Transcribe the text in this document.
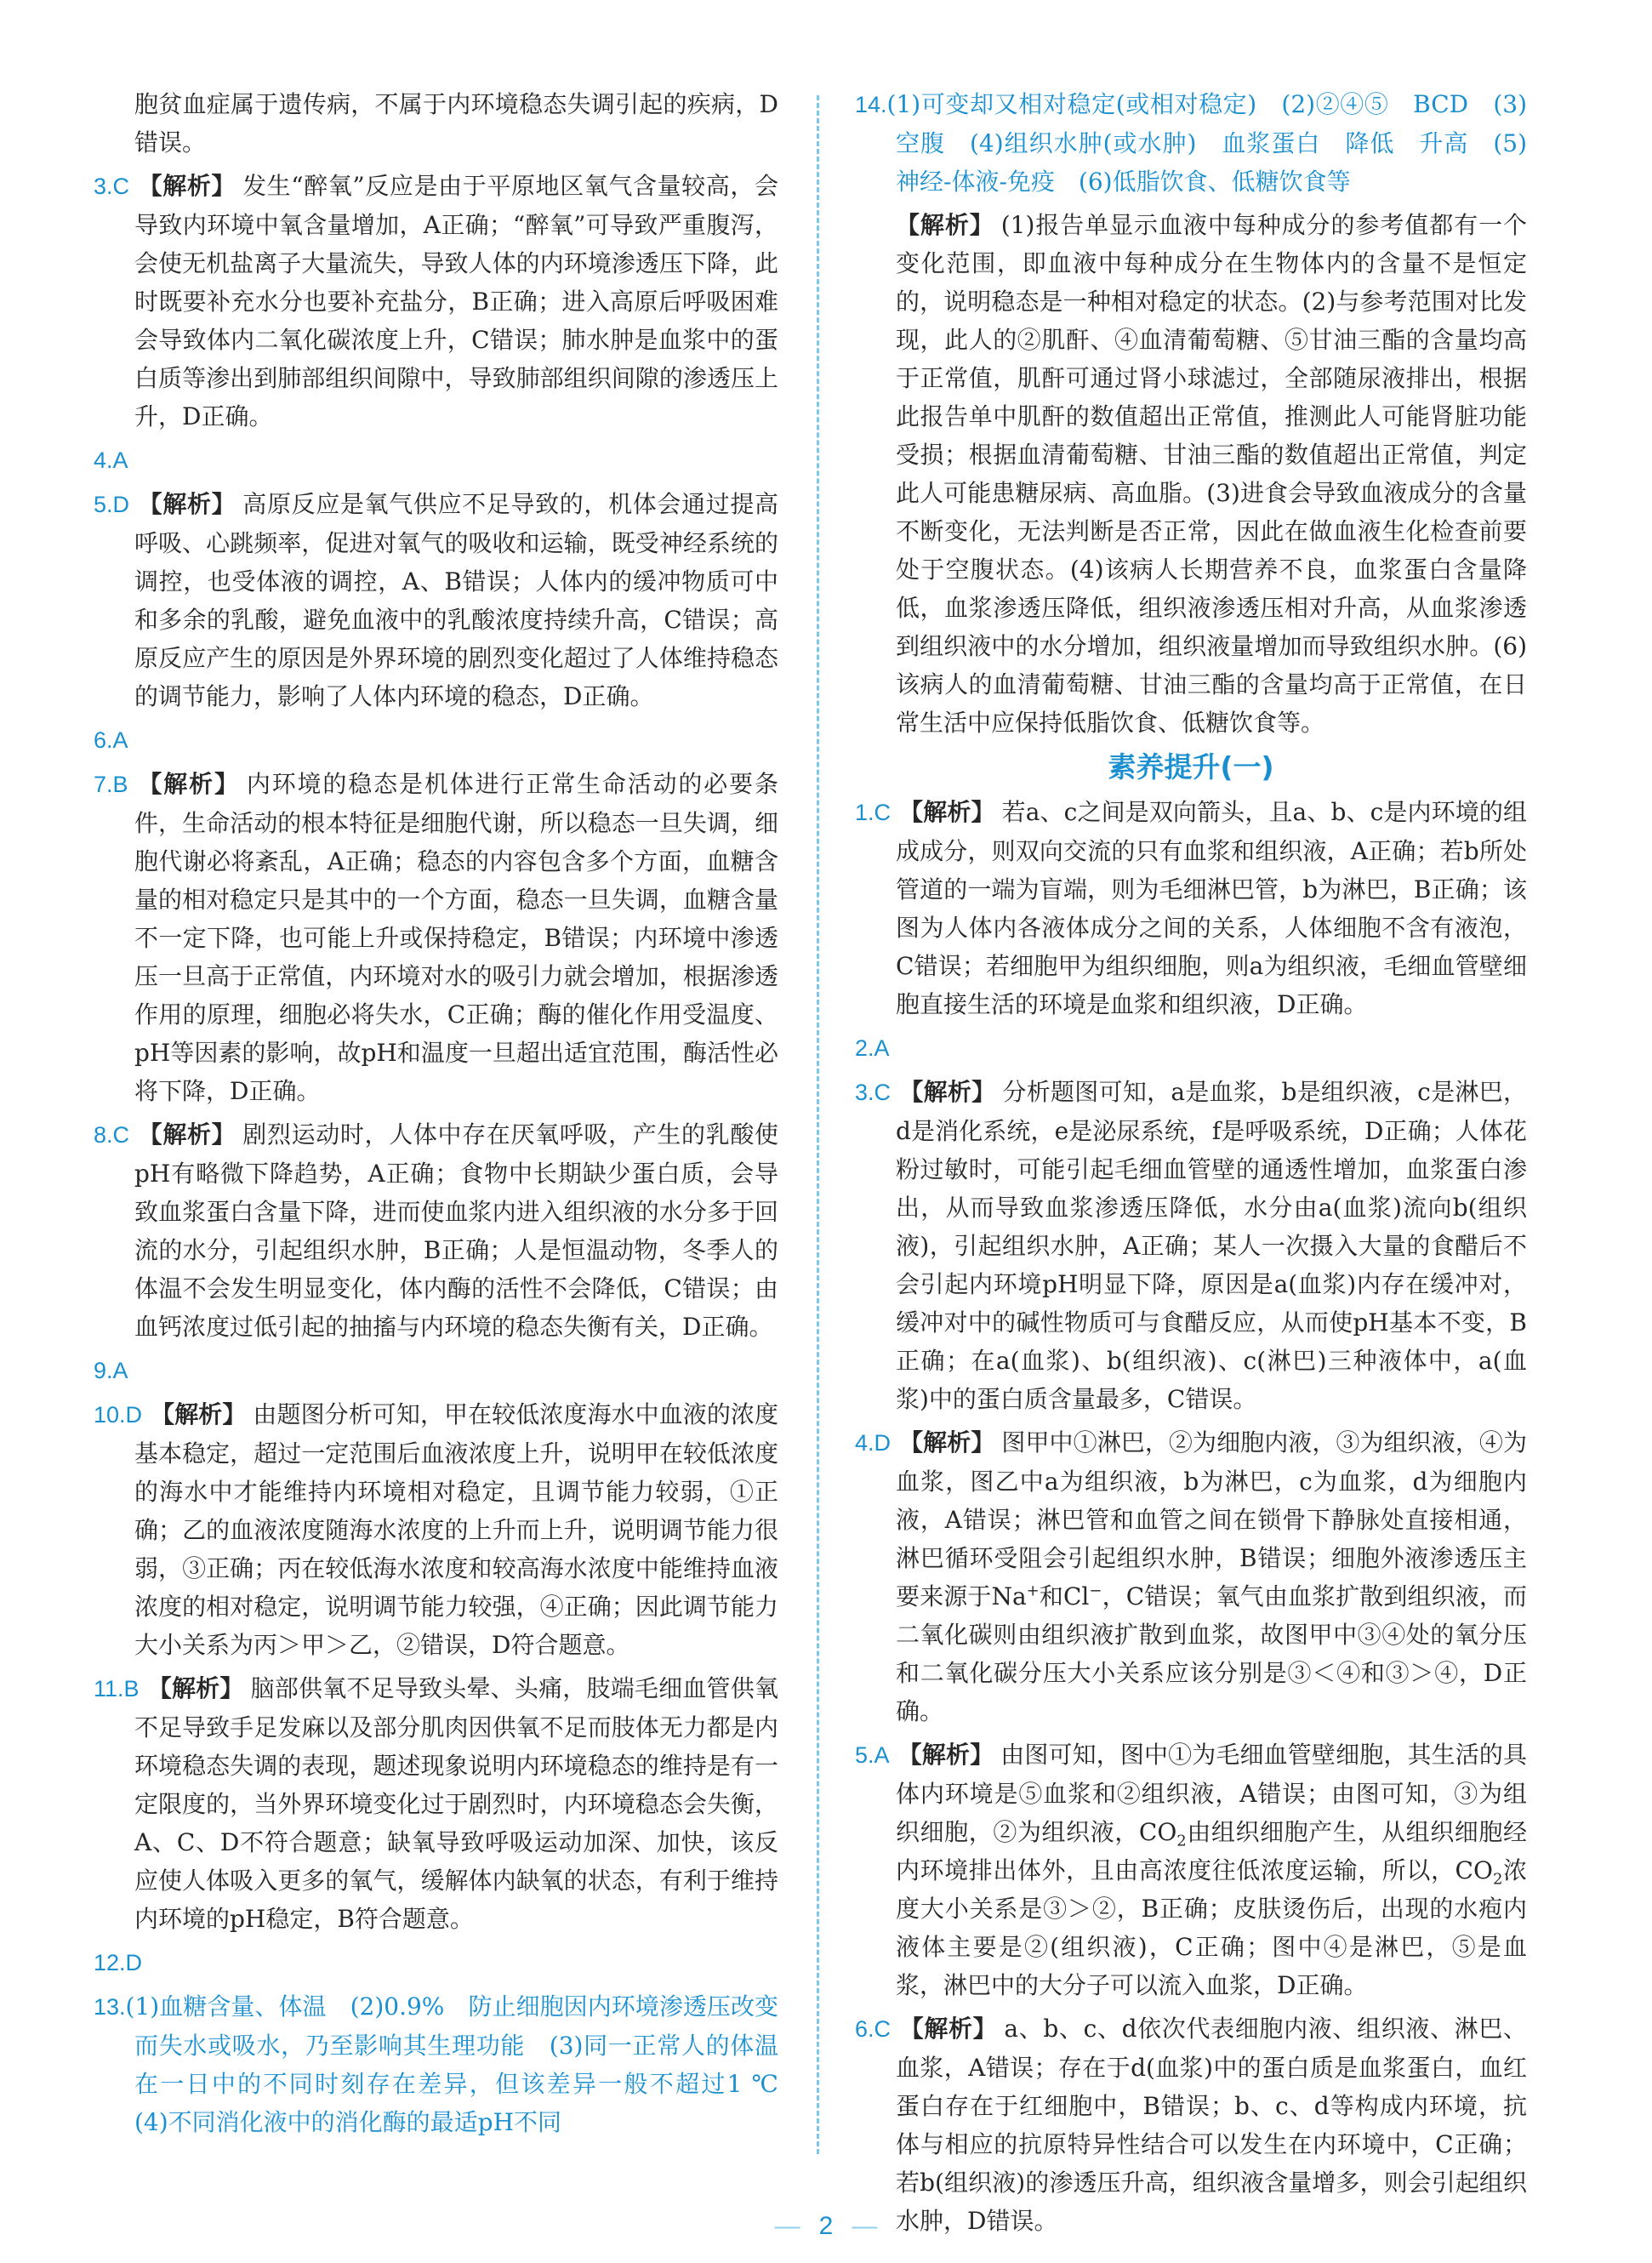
胞贫血症属于遗传病，不属于内环境稳态失调引起的疾病，D错误。

3.C 【解析】 发生“醉氧”反应是由于平原地区氧气含量较高，会导致内环境中氧含量增加，A正确；“醉氧”可导致严重腹泻，会使无机盐离子大量流失，导致人体的内环境渗透压下降，此时既要补充水分也要补充盐分，B正确；进入高原后呼吸困难会导致体内二氧化碳浓度上升，C错误；肺水肿是血浆中的蛋白质等渗出到肺部组织间隙中，导致肺部组织间隙的渗透压上升，D正确。

4.A

5.D 【解析】 高原反应是氧气供应不足导致的，机体会通过提高呼吸、心跳频率，促进对氧气的吸收和运输，既受神经系统的调控，也受体液的调控，A、B错误；人体内的缓冲物质可中和多余的乳酸，避免血液中的乳酸浓度持续升高，C错误；高原反应产生的原因是外界环境的剧烈变化超过了人体维持稳态的调节能力，影响了人体内环境的稳态，D正确。

6.A

7.B 【解析】 内环境的稳态是机体进行正常生命活动的必要条件，生命活动的根本特征是细胞代谢，所以稳态一旦失调，细胞代谢必将紊乱，A正确；稳态的内容包含多个方面，血糖含量的相对稳定只是其中的一个方面，稳态一旦失调，血糖含量不一定下降，也可能上升或保持稳定，B错误；内环境中渗透压一旦高于正常值，内环境对水的吸引力就会增加，根据渗透作用的原理，细胞必将失水，C正确；酶的催化作用受温度、pH等因素的影响，故pH和温度一旦超出适宜范围，酶活性必将下降，D正确。

8.C 【解析】 剧烈运动时，人体中存在厌氧呼吸，产生的乳酸使pH有略微下降趋势，A正确；食物中长期缺少蛋白质，会导致血浆蛋白含量下降，进而使血浆内进入组织液的水分多于回流的水分，引起组织水肿，B正确；人是恒温动物，冬季人的体温不会发生明显变化，体内酶的活性不会降低，C错误；由血钙浓度过低引起的抽搐与内环境的稳态失衡有关，D正确。

9.A

10.D 【解析】 由题图分析可知，甲在较低浓度海水中血液的浓度基本稳定，超过一定范围后血液浓度上升，说明甲在较低浓度的海水中才能维持内环境相对稳定，且调节能力较弱，①正确；乙的血液浓度随海水浓度的上升而上升，说明调节能力很弱，③正确；丙在较低海水浓度和较高海水浓度中能维持血液浓度的相对稳定，说明调节能力较强，④正确；因此调节能力大小关系为丙＞甲＞乙，②错误，D符合题意。

11.B 【解析】 脑部供氧不足导致头晕、头痛，肢端毛细血管供氧不足导致手足发麻以及部分肌肉因供氧不足而肢体无力都是内环境稳态失调的表现，题述现象说明内环境稳态的维持是有一定限度的，当外界环境变化过于剧烈时，内环境稳态会失衡，A、C、D不符合题意；缺氧导致呼吸运动加深、加快，该反应使人体吸入更多的氧气，缓解体内缺氧的状态，有利于维持内环境的pH稳定，B符合题意。

12.D

13.(1)血糖含量、体温　(2)0.9%　防止细胞因内环境渗透压改变而失水或吸水，乃至影响其生理功能　(3)同一正常人的体温在一日中的不同时刻存在差异，但该差异一般不超过1 ℃　(4)不同消化液中的消化酶的最适pH不同

14.(1)可变却又相对稳定(或相对稳定)　(2)②④⑤　BCD　(3)空腹　(4)组织水肿(或水肿)　血浆蛋白　降低　升高　(5)神经-体液-免疫　(6)低脂饮食、低糖饮食等

【解析】 (1)报告单显示血液中每种成分的参考值都有一个变化范围，即血液中每种成分在生物体内的含量不是恒定的，说明稳态是一种相对稳定的状态。(2)与参考范围对比发现，此人的②肌酐、④血清葡萄糖、⑤甘油三酯的含量均高于正常值，肌酐可通过肾小球滤过，全部随尿液排出，根据此报告单中肌酐的数值超出正常值，推测此人可能肾脏功能受损；根据血清葡萄糖、甘油三酯的数值超出正常值，判定此人可能患糖尿病、高血脂。(3)进食会导致血液成分的含量不断变化，无法判断是否正常，因此在做血液生化检查前要处于空腹状态。(4)该病人长期营养不良，血浆蛋白含量降低，血浆渗透压降低，组织液渗透压相对升高，从血浆渗透到组织液中的水分增加，组织液量增加而导致组织水肿。(6)该病人的血清葡萄糖、甘油三酯的含量均高于正常值，在日常生活中应保持低脂饮食、低糖饮食等。

素养提升(一)

1.C 【解析】 若a、c之间是双向箭头，且a、b、c是内环境的组成成分，则双向交流的只有血浆和组织液，A正确；若b所处管道的一端为盲端，则为毛细淋巴管，b为淋巴，B正确；该图为人体内各液体成分之间的关系，人体细胞不含有液泡，C错误；若细胞甲为组织细胞，则a为组织液，毛细血管壁细胞直接生活的环境是血浆和组织液，D正确。

2.A

3.C 【解析】 分析题图可知，a是血浆，b是组织液，c是淋巴，d是消化系统，e是泌尿系统，f是呼吸系统，D正确；人体花粉过敏时，可能引起毛细血管壁的通透性增加，血浆蛋白渗出，从而导致血浆渗透压降低，水分由a(血浆)流向b(组织液)，引起组织水肿，A正确；某人一次摄入大量的食醋后不会引起内环境pH明显下降，原因是a(血浆)内存在缓冲对，缓冲对中的碱性物质可与食醋反应，从而使pH基本不变，B正确；在a(血浆)、b(组织液)、c(淋巴)三种液体中，a(血浆)中的蛋白质含量最多，C错误。

4.D 【解析】 图甲中①淋巴，②为细胞内液，③为组织液，④为血浆，图乙中a为组织液，b为淋巴，c为血浆，d为细胞内液，A错误；淋巴管和血管之间在锁骨下静脉处直接相通，淋巴循环受阻会引起组织水肿，B错误；细胞外液渗透压主要来源于Na+和Cl−，C错误；氧气由血浆扩散到组织液，而二氧化碳则由组织液扩散到血浆，故图甲中③④处的氧分压和二氧化碳分压大小关系应该分别是③＜④和③＞④，D正确。

5.A 【解析】 由图可知，图中①为毛细血管壁细胞，其生活的具体内环境是⑤血浆和②组织液，A错误；由图可知，③为组织细胞，②为组织液，$CO_2$由组织细胞产生，从组织细胞经内环境排出体外，且由高浓度往低浓度运输，所以，$CO_2$浓度大小关系是③＞②，B正确；皮肤烫伤后，出现的水疱内液体主要是②(组织液)，C正确；图中④是淋巴，⑤是血浆，淋巴中的大分子可以流入血浆，D正确。

6.C 【解析】 a、b、c、d依次代表细胞内液、组织液、淋巴、血浆，A错误；存在于d(血浆)中的蛋白质是血浆蛋白，血红蛋白存在于红细胞中，B错误；b、c、d等构成内环境，抗体与相应的抗原特异性结合可以发生在内环境中，C正确；若b(组织液)的渗透压升高，组织液含量增多，则会引起组织水肿，D错误。

— 2 —
